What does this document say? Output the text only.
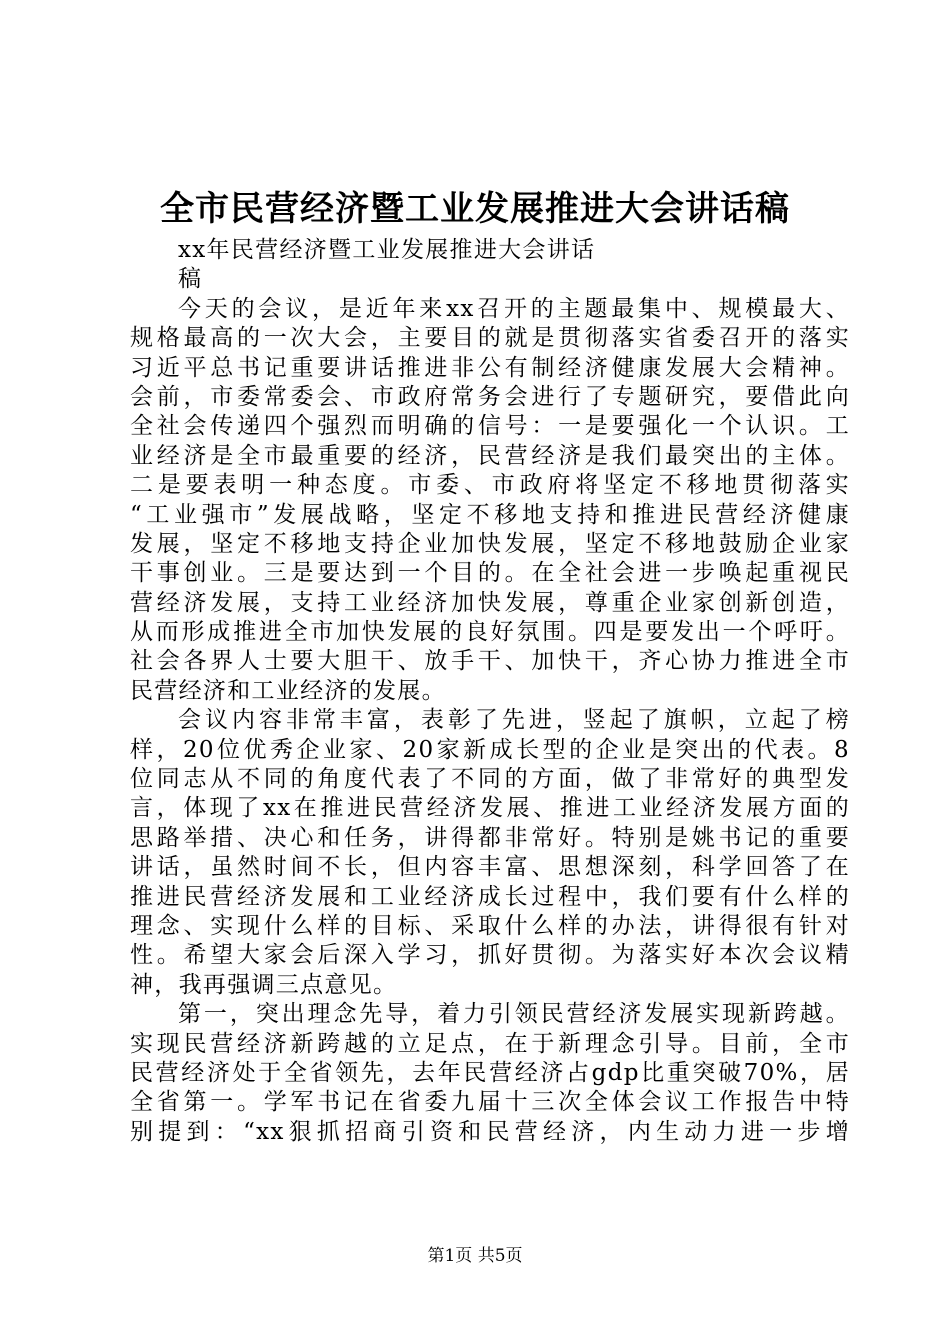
全市民营经济暨工业发展推进大会讲话稿
xx年民营经济暨工业发展推进大会讲话
稿
今天的会议，是近年来xx召开的主题最集中、规模最大、
规格最高的一次大会，主要目的就是贯彻落实省委召开的落实
习近平总书记重要讲话推进非公有制经济健康发展大会精神。
会前，市委常委会、市政府常务会进行了专题研究，要借此向
全社会传递四个强烈而明确的信号：一是要强化一个认识。工
业经济是全市最重要的经济，民营经济是我们最突出的主体。
二是要表明一种态度。市委、市政府将坚定不移地贯彻落实
“工业强市”发展战略，坚定不移地支持和推进民营经济健康
发展，坚定不移地支持企业加快发展，坚定不移地鼓励企业家
干事创业。三是要达到一个目的。在全社会进一步唤起重视民
营经济发展，支持工业经济加快发展，尊重企业家创新创造，
从而形成推进全市加快发展的良好氛围。四是要发出一个呼吁。
社会各界人士要大胆干、放手干、加快干，齐心协力推进全市
民营经济和工业经济的发展。
会议内容非常丰富，表彰了先进，竖起了旗帜，立起了榜
样，20位优秀企业家、20家新成长型的企业是突出的代表。8
位同志从不同的角度代表了不同的方面，做了非常好的典型发
言，体现了xx在推进民营经济发展、推进工业经济发展方面的
思路举措、决心和任务，讲得都非常好。特别是姚书记的重要
讲话，虽然时间不长，但内容丰富、思想深刻，科学回答了在
推进民营经济发展和工业经济成长过程中，我们要有什么样的
理念、实现什么样的目标、采取什么样的办法，讲得很有针对
性。希望大家会后深入学习，抓好贯彻。为落实好本次会议精
神，我再强调三点意见。
第一，突出理念先导，着力引领民营经济发展实现新跨越。
实现民营经济新跨越的立足点，在于新理念引导。目前，全市
民营经济处于全省领先，去年民营经济占gdp比重突破70%，居
全省第一。学军书记在省委九届十三次全体会议工作报告中特
别提到：“xx狠抓招商引资和民营经济，内生动力进一步增
第1页 共5页
